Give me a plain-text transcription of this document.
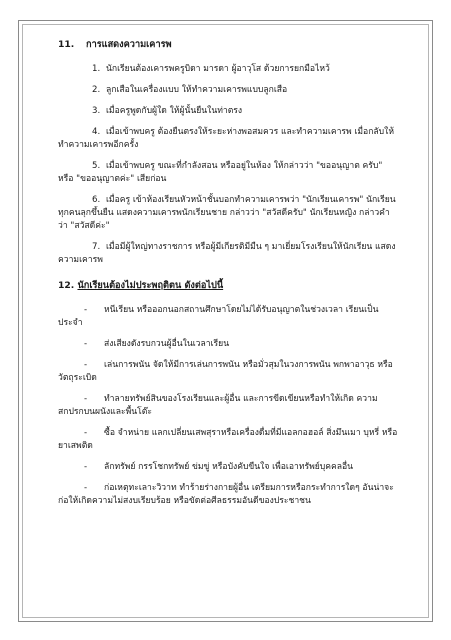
11. การแสดงความเคารพ
1. นักเรียนต้องเคารพครูบิดา มารดา ผู้อาวุโส ด้วยการยกมือไหว้
2. ลูกเสือในเครื่องแบบ ให้ทำความเคารพแบบลูกเสือ
3. เมื่อครูพูดกับผู้ใด ให้ผู้นั้นยืนในท่าตรง
4. เมื่อเข้าพบครู ต้องยืนตรงให้ระยะห่างพอสมควร และทำความเคารพ เมื่อกลับให้ทำความเคารพอีกครั้ง
5. เมื่อเข้าพบครู ขณะที่กำลังสอน หรืออยู่ในห้อง ให้กล่าวว่า "ขออนุญาต ครับ" หรือ "ขออนุญาตค่ะ" เสียก่อน
6. เมื่อครู เข้าห้องเรียนหัวหน้าชั้นบอกทำความเคารพว่า "นักเรียนเคารพ" นักเรียนทุกคนลุกขึ้นยืน แสดงความเคารพนักเรียนชาย กล่าวว่า "สวัสดีครับ" นักเรียนหญิง กล่าวคำว่า "สวัสดีค่ะ"
7. เมื่อมีผู้ใหญ่ทางราชการ หรือผู้มีเกียรติมีมืน ๆ มาเยี่ยมโรงเรียนให้นักเรียน แสดงความเคารพ
12. นักเรียนต้องไม่ประพฤติตน ดังต่อไปนี้
- หนีเรียน หรือออกนอกสถานศึกษาโดยไม่ได้รับอนุญาตในช่วงเวลา เรียนเป็นประจำ
- ส่งเสียงดังรบกวนผู้อื่นในเวลาเรียน
- เล่นการพนัน จัดให้มีการเล่นการพนัน หรือมั่วสุมในวงการพนัน พกพาอาวุธ หรือวัตถุระเบิด
- ทำลายทรัพย์สินของโรงเรียนและผู้อื่น และการขีดเขียนหรือทำให้เกิด ความสกปรกบนผนังและพื้นโต๊ะ
- ซื้อ จำหน่าย แลกเปลี่ยนเสพสุราหรือเครื่องดื่มที่มีแอลกอฮอล์ สิ่งมึนเมา บุหรี่ หรือยาเสพติด
- ลักทรัพย์ กรรโชกทรัพย์ ข่มขู่ หรือบังคับขืนใจ เพื่อเอาทรัพย์บุคคลอื่น
- ก่อเหตุทะเลาะวิวาท ทำร้ายร่างกายผู้อื่น เตรียมการหรือกระทำการใดๆ อันน่าจะก่อให้เกิดความไม่สงบเรียบร้อย หรือขัดต่อศีลธรรมอันดีของประชาชน
